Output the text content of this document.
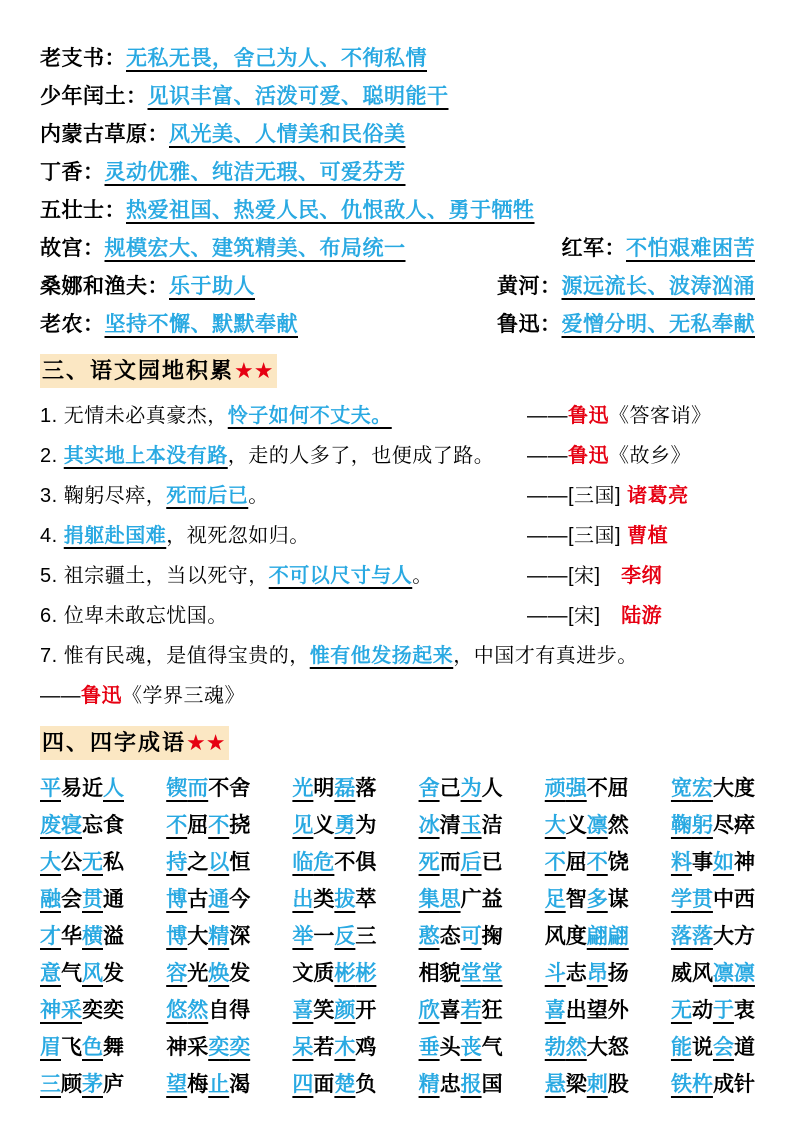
老支书：无私无畏，舍己为人、不徇私情
少年闰土：见识丰富、活泼可爱、聪明能干
内蒙古草原：风光美、人情美和民俗美
丁香：灵动优雅、纯洁无瑕、可爱芬芳
五壮士：热爱祖国、热爱人民、仇恨敌人、勇于牺牲
故宫：规模宏大、建筑精美、布局统一	红军：不怕艰难困苦
桑娜和渔夫：乐于助人	黄河：源远流长、波涛汹涌
老农：坚持不懈、默默奉献	鲁迅：爱憎分明、无私奉献
三、语文园地积累★★
1. 无情未必真豪杰，怜子如何不丈夫。	——鲁迅《答客诮》
2. 其实地上本没有路，走的人多了，也便成了路。	——鲁迅《故乡》
3. 鞠躬尽瘁，死而后已。	——[三国] 诸葛亮
4. 捐躯赴国难，视死忽如归。	——[三国] 曹植
5. 祖宗疆土，当以死守，不可以尺寸与人。	——[宋]　李纲
6. 位卑未敢忘忧国。	——[宋]　陆游
7. 惟有民魂，是值得宝贵的，惟有他发扬起来，中国才有真进步。
——鲁迅《学界三魂》
四、四字成语★★
平易近人 锲而不舍 光明磊落 舍己为人 顽强不屈 宽宏大度
废寝忘食 不屈不挠 见义勇为 冰清玉洁 大义凛然 鞠躬尽瘁
大公无私 持之以恒 临危不俱 死而后已 不屈不饶 料事如神
融会贯通 博古通今 出类拔萃 集思广益 足智多谋 学贯中西
才华横溢 博大精深 举一反三 憨态可掬 风度翩翩 落落大方
意气风发 容光焕发 文质彬彬 相貌堂堂 斗志昂扬 威风凛凛
神采奕奕 悠然自得 喜笑颜开 欣喜若狂 喜出望外 无动于衷
眉飞色舞 神采奕奕 呆若木鸡 垂头丧气 勃然大怒 能说会道
三顾茅庐 望梅止渴 四面楚负 精忠报国 悬梁刺股 铁杵成针
